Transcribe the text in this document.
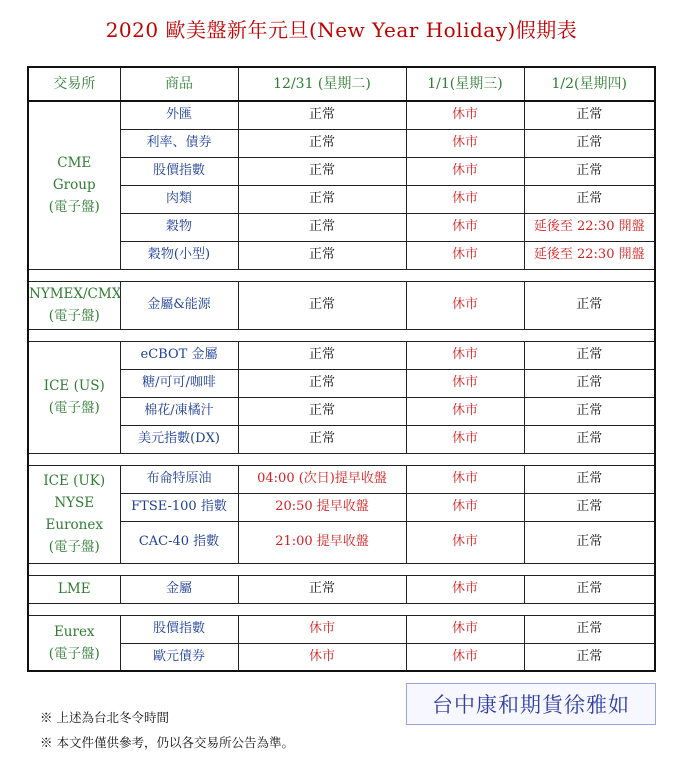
2020 歐美盤新年元旦(New Year Holiday)假期表
交易所	商品	12/31 (星期二)	1/1(星期三)	1/2(星期四)

CME
Group
(電子盤)	外匯	正常	休市	正常
	利率、債券	正常	休市	正常
	股價指數	正常	休市	正常
	肉類	正常	休市	正常
	穀物	正常	休市	延後至 22:30 開盤
	穀物(小型)	正常	休市	延後至 22:30 開盤

NYMEX/CMX
(電子盤)	金屬&能源	正常	休市	正常

ICE (US)
(電子盤)	eCBOT 金屬	正常	休市	正常
	糖/可可/咖啡	正常	休市	正常
	棉花/凍橘汁	正常	休市	正常
	美元指數(DX)	正常	休市	正常

ICE (UK)
NYSE
Euronex
(電子盤)	布侖特原油	04:00 (次日)提早收盤	休市	正常
	FTSE-100 指數	20:50 提早收盤	休市	正常
	CAC-40 指數	21:00 提早收盤	休市	正常

LME	金屬	正常	休市	正常

Eurex
(電子盤)	股價指數	休市	休市	正常
	歐元債券	休市	休市	正常
台中康和期貨徐雅如
※ 上述為台北冬令時間
※ 本文件僅供參考，仍以各交易所公告為準。
